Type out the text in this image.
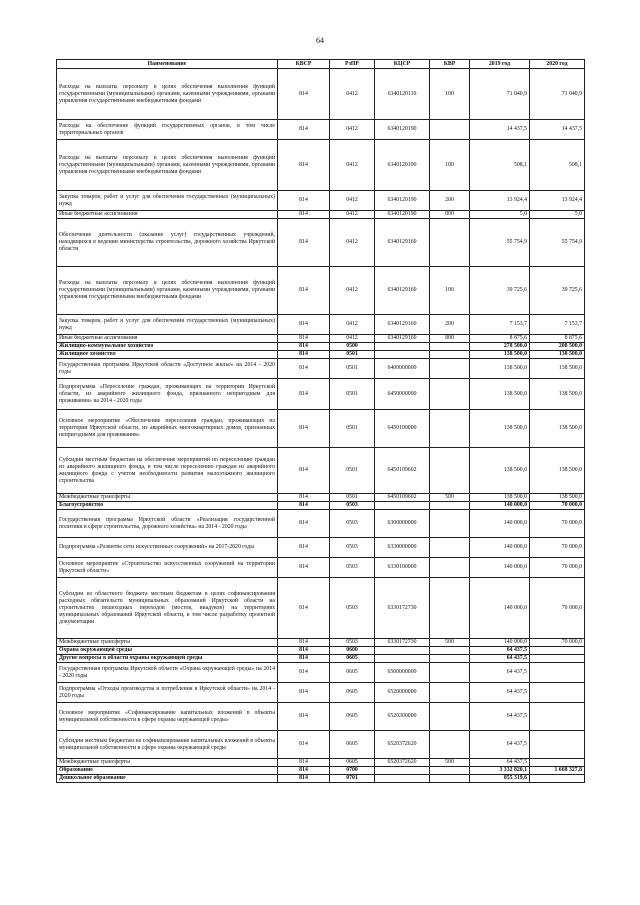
64
Наименование	КВСР	РзПР	КЦСР	КВР	2019 год	2020 год
Расходы на выплаты персоналу в целях обеспечения выполнения функций государственными (муниципальными) органами, казенными учреждениями, органами управления государственными внебюджетными фондами	814	0412	6340120110	100	71 040,9	71 040,9
Расходы на обеспечение функций государственных органов, в том числе территориальных органов	814	0412	6340120190		14 437,5	14 437,5
Расходы на выплаты персоналу в целях обеспечения выполнения функций государственными (муниципальными) органами, казенными учреждениями, органами управления государственными внебюджетными фондами	814	0412	6340120190	100	508,1	508,1
Закупка товаров, работ и услуг для обеспечения государственных (муниципальных) нужд	814	0412	6340120190	200	13 924,4	13 924,4
Иные бюджетные ассигнования	814	0412	6340120190	800	5,0	5,0
Обеспечение деятельности (оказание услуг) государственных учреждений, находящихся в ведении министерства строительства, дорожного хозяйства Иркутской области	814	0412	6340129160		55 754,9	55 754,9
Расходы на выплаты персоналу в целях обеспечения выполнения функций государственными (муниципальными) органами, казенными учреждениями, органами управления государственными внебюджетными фондами	814	0412	6340129160	100	39 725,6	39 725,6
Закупка товаров, работ и услуг для обеспечения государственных (муниципальных) нужд	814	0412	6340129160	200	7 153,7	7 153,7
Иные бюджетные ассигнования	814	0412	6340129160	800	8 875,6	8 875,6
Жилищно-коммунальное хозяйство	814	0500			278 500,0	208 500,0
Жилищное хозяйство	814	0501			138 500,0	138 500,0
Государственная программа Иркутской области «Доступное жилье» на 2014 - 2020 годы	814	0501	6400000000		138 500,0	138 500,0
Подпрограмма «Переселение граждан, проживающих на территории Иркутской области, из аварийного жилищного фонда, признанного непригодным для проживания» на 2014 - 2020 годы	814	0501	6450000000		138 500,0	138 500,0
Основное мероприятие «Обеспечение переселения граждан, проживающих на территории Иркутской области, из аварийных многоквартирных домов, признанных непригодными для проживания»	814	0501	6450100000		138 500,0	138 500,0
Субсидии местным бюджетам на обеспечение мероприятий по переселению граждан из аварийного жилищного фонда, в том числе переселению граждан из аварийного жилищного фонда с учетом необходимости развития малоэтажного жилищного строительства	814	0501	6450109602		138 500,0	138 500,0
Межбюджетные трансферты	814	0501	6450109602	500	138 500,0	138 500,0
Благоустройство	814	0503			140 000,0	70 000,0
Государственная программа Иркутской области «Реализация государственной политики в сфере строительства, дорожного хозяйства» на 2014 - 2020 годы	814	0503	6300000000		140 000,0	70 000,0
Подпрограмма «Развитие сети искусственных сооружений» на 2017-2020 годы	814	0503	6330000000		140 000,0	70 000,0
Основное мероприятие «Строительство искусственных сооружений на территории Иркутской области»	814	0503	6330100000		140 000,0	70 000,0
Субсидии из областного бюджета местным бюджетам в целях софинансирования расходных обязательств муниципальных образований Иркутской области на строительство пешеходных переходов (мостов, виадуков) на территориях муниципальных образований Иркутской области, в том числе разработку проектной документации	814	0503	6330172730		140 000,0	70 000,0
Межбюджетные трансферты	814	0503	6330172730	500	140 000,0	70 000,0
Охрана окружающей среды	814	0600			64 437,5	
Другие вопросы в области охраны окружающей среды	814	0605			64 437,5	
Государственная программа Иркутской области «Охрана окружающей среды» на 2014 - 2020 годы	814	0605	6500000000		64 437,5	
Подпрограмма «Отходы производства и потребления в Иркутской области» на 2014 - 2020 годы	814	0605	6520000000		64 437,5	
Основное мероприятие «Софинансирование капитальных вложений в объекты муниципальной собственности в сфере охраны окружающей среды»	814	0605	6520300000		64 437,5	
Субсидии местным бюджетам на софинансирование капитальных вложений в объекты муниципальной собственности в сфере охраны окружающей среды	814	0605	6520372620		64 437,5	
Межбюджетные трансферты	814	0605	6520372620	500	64 437,5	
Образование	814	0700			3 332 820,1	1 668 327,8
Дошкольное образование	814	0701			855 319,6	
